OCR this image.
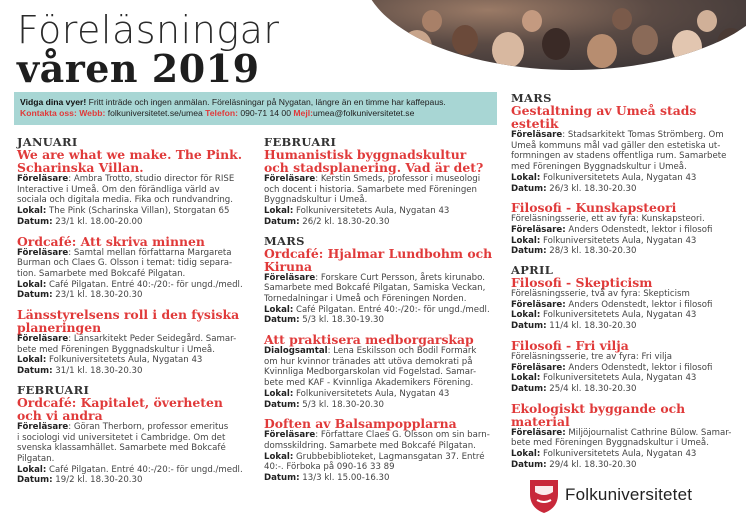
Föreläsningar
våren 2019
Vidga dina vyer! Fritt inträde och ingen anmälan. Föreläsningar på Nygatan, längre än en timme har kaffepaus.
Kontakta oss: Webb: folkuniversitetet.se/umea Telefon: 090-71 14 00 Mejl:umea@folkuniversitetet.se
JANUARI
We are what we make. The Pink. Scharinska Villan.
Föreläsare: Ambra Trotto, studio director för RISE
Interactive i Umeå. Om den förändliga värld av
sociala och digitala media. Fika och rundvandring.
Lokal: The Pink (Scharinska Villan), Storgatan 65
Datum: 23/1 kl. 18.00-20.00
Ordcafé: Att skriva minnen
Föreläsare: Samtal mellan författarna Margareta
Burman och Claes G. Olsson i temat: tidig separa-
tion. Samarbete med Bokcafé Pilgatan.
Lokal: Café Pilgatan. Entré 40:-/20:- för ungd./medl.
Datum: 23/1 kl. 18.30-20.30
Länsstyrelsens roll i den fysiska planeringen
Föreläsare: Länsarkitekt Peder Seidegård. Samar-
bete med Föreningen Byggnadskultur i Umeå.
Lokal: Folkuniversitetets Aula, Nygatan 43
Datum: 31/1 kl. 18.30-20.30
FEBRUARI
Ordcafé: Kapitalet, överheten och vi andra
Föreläsare: Göran Therborn, professor emeritus
i sociologi vid universitetet i Cambridge. Om det
svenska klassamhället. Samarbete med Bokcafé
Pilgatan.
Lokal: Café Pilgatan. Entré 40:-/20:- för ungd./medl.
Datum: 19/2 kl. 18.30-20.30
FEBRUARI
Humanistisk byggnadskultur och stadsplanering. Vad är det?
Föreläsare: Kerstin Smeds, professor i museologi
och docent i historia. Samarbete med Föreningen
Byggnadskultur i Umeå.
Lokal: Folkuniversitetets Aula, Nygatan 43
Datum: 26/2 kl. 18.30-20.30
MARS
Ordcafé: Hjalmar Lundbohm och Kiruna
Föreläsare: Forskare Curt Persson, årets kirunabo.
Samarbete med Bokcafé Pilgatan, Samiska Veckan,
Tornedalningar i Umeå och Föreningen Norden.
Lokal: Café Pilgatan. Entré 40:-/20:- för ungd./medl.
Datum: 5/3 kl. 18.30-19.30
Att praktisera medborgarskap
Dialogsamtal: Lena Eskilsson och Bodil Formark
om hur kvinnor tränades att utöva demokrati på
Kvinnliga Medborgarskolan vid Fogelstad. Samar-
bete med KAF - Kvinnliga Akademikers Förening.
Lokal: Folkuniversitetets Aula, Nygatan 43
Datum: 5/3 kl. 18.30-20.30
Doften av Balsampopplarna
Föreläsare: Författare Claes G. Olsson om sin barn-
domsskildring. Samarbete med Bokcafé Pilgatan.
Lokal: Grubbebiblioteket, Lagmansgatan 37. Entré
40:-. Förboka på 090-16 33 89
Datum: 13/3 kl. 15.00-16.30
MARS
Gestaltning av Umeå stads estetik
Föreläsare: Stadsarkitekt Tomas Strömberg. Om
Umeå kommuns mål vad gäller den estetiska ut-
formningen av stadens offentliga rum. Samarbete
med Föreningen Byggnadskultur i Umeå.
Lokal: Folkuniversitetets Aula, Nygatan 43
Datum: 26/3 kl. 18.30-20.30
Filosofi - Kunskapsteori
Föreläsningsserie, ett av fyra: Kunskapsteori.
Föreläsare: Anders Odenstedt, lektor i filosofi
Lokal: Folkuniversitetets Aula, Nygatan 43
Datum: 28/3 kl. 18.30-20.30
APRIL
Filosofi - Skepticism
Föreläsningsserie, två av fyra: Skepticism
Föreläsare: Anders Odenstedt, lektor i filosofi
Lokal: Folkuniversitetets Aula, Nygatan 43
Datum: 11/4 kl. 18.30-20.30
Filosofi - Fri vilja
Föreläsningsserie, tre av fyra: Fri vilja
Föreläsare: Anders Odenstedt, lektor i filosofi
Lokal: Folkuniversitetets Aula, Nygatan 43
Datum: 25/4 kl. 18.30-20.30
Ekologiskt byggande och material
Föreläsare: Miljöjournalist Cathrine Bülow. Samar-
bete med Föreningen Byggnadskultur i Umeå.
Lokal: Folkuniversitetets Aula, Nygatan 43
Datum: 29/4 kl. 18.30-20.30
Folkuniversitetet
